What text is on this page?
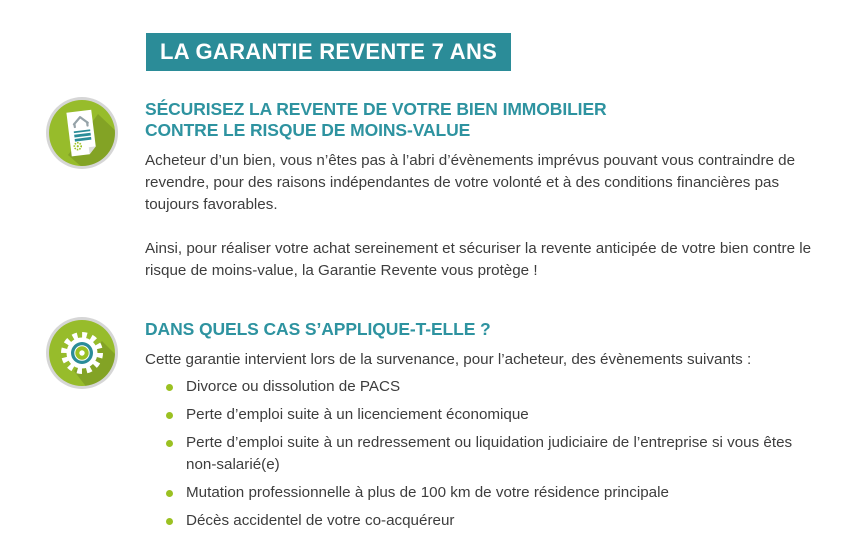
LA GARANTIE REVENTE 7 ANS
SÉCURISEZ LA REVENTE DE VOTRE BIEN IMMOBILIER
CONTRE LE RISQUE DE MOINS-VALUE

Acheteur d’un bien, vous n’êtes pas à l’abri d’évènements imprévus pouvant vous contraindre de revendre, pour des raisons indépendantes de votre volonté et à des conditions financières pas toujours favorables.

Ainsi, pour réaliser votre achat sereinement et sécuriser la revente anticipée de votre bien contre le risque de moins-value, la Garantie Revente vous protège !

DANS QUELS CAS S’APPLIQUE-T-ELLE ?
Cette garantie intervient lors de la survenance, pour l’acheteur, des évènements suivants :
Divorce ou dissolution de PACS
Perte d’emploi suite à un licenciement économique
Perte d’emploi suite à un redressement ou liquidation judiciaire de l’entreprise si vous êtes non-salarié(e)
Mutation professionnelle à plus de 100 km de votre résidence principale
Décès accidentel de votre co-acquéreur
